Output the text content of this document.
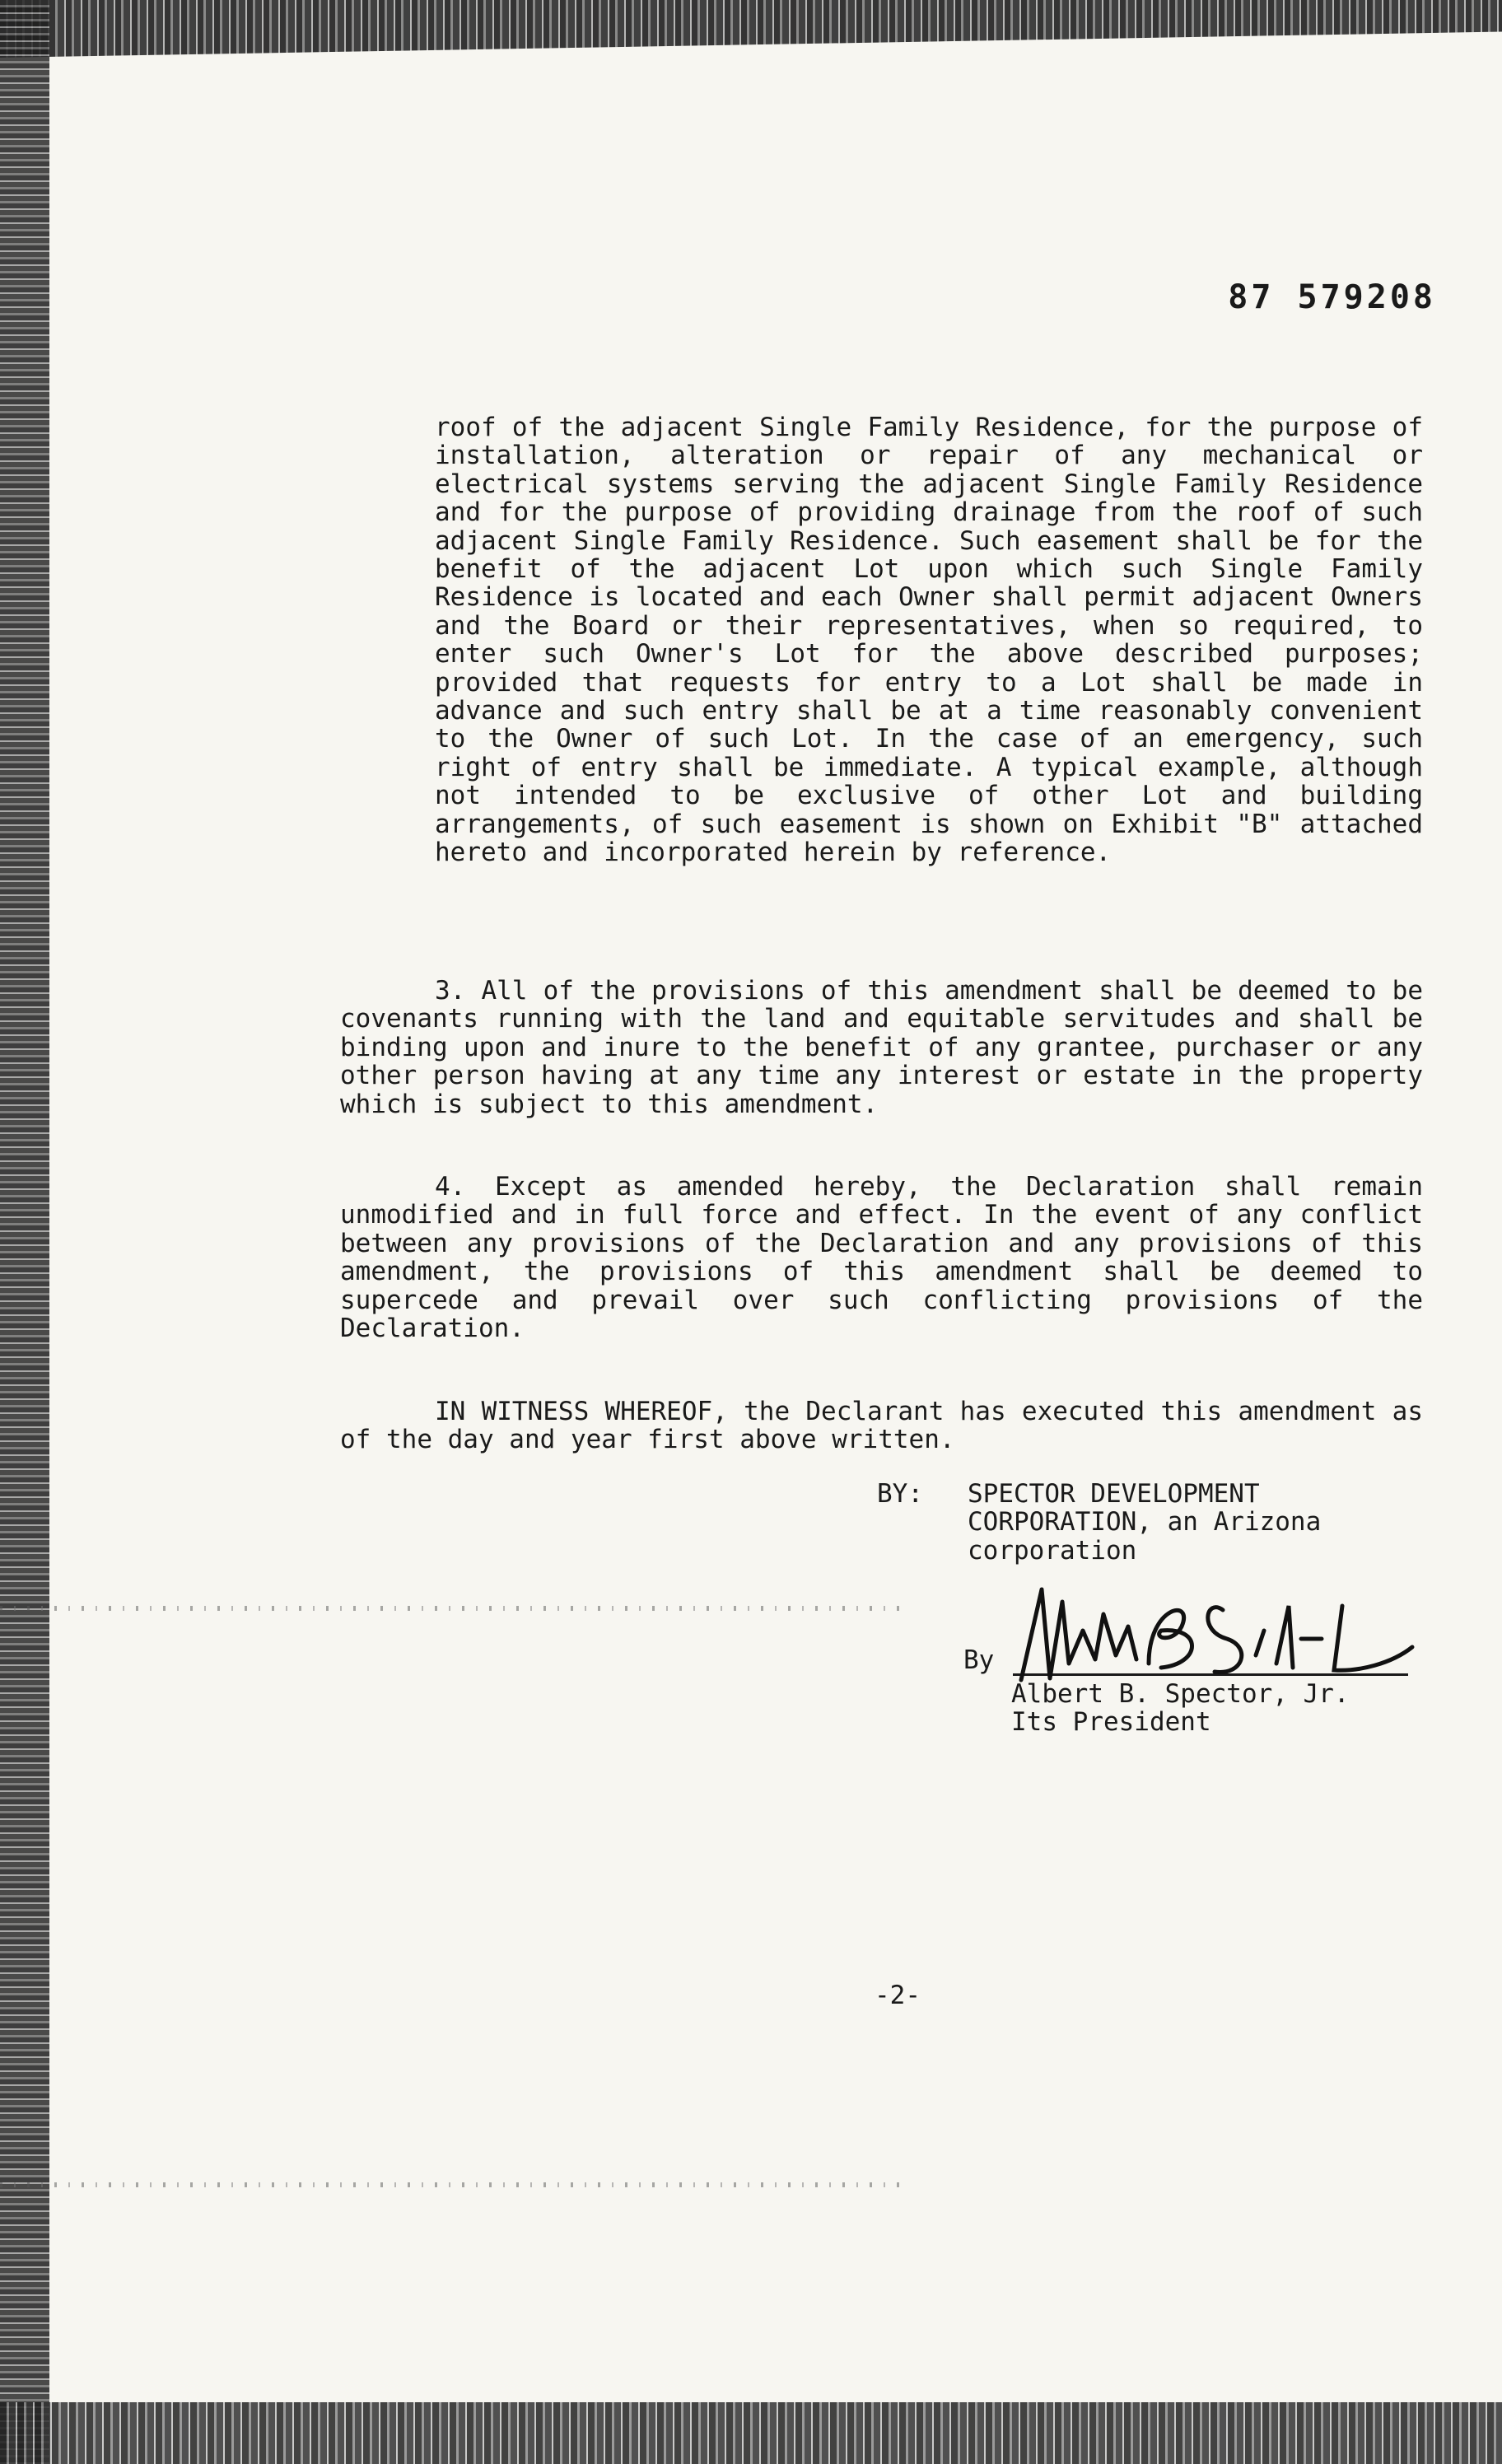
87 579208

roof of the adjacent Single Family Residence, for the purpose of installation, alteration or repair of any mechanical or electrical systems serving the adjacent Single Family Residence and for the purpose of providing drainage from the roof of such adjacent Single Family Residence. Such easement shall be for the benefit of the adjacent Lot upon which such Single Family Residence is located and each Owner shall permit adjacent Owners and the Board or their representatives, when so required, to enter such Owner's Lot for the above described purposes; provided that requests for entry to a Lot shall be made in advance and such entry shall be at a time reasonably convenient to the Owner of such Lot. In the case of an emergency, such right of entry shall be immediate. A typical example, although not intended to be exclusive of other Lot and building arrangements, of such easement is shown on Exhibit "B" attached hereto and incorporated herein by reference.

3. All of the provisions of this amendment shall be deemed to be covenants running with the land and equitable servitudes and shall be binding upon and inure to the benefit of any grantee, purchaser or any other person having at any time any interest or estate in the property which is subject to this amendment.

4. Except as amended hereby, the Declaration shall remain unmodified and in full force and effect. In the event of any conflict between any provisions of the Declaration and any provisions of this amendment, the provisions of this amendment shall be deemed to supercede and prevail over such conflicting provisions of the Declaration.

IN WITNESS WHEREOF, the Declarant has executed this amendment as of the day and year first above written.

BY: SPECTOR DEVELOPMENT
CORPORATION, an Arizona
corporation
By
Albert B. Spector, Jr.
Its President
-2-
